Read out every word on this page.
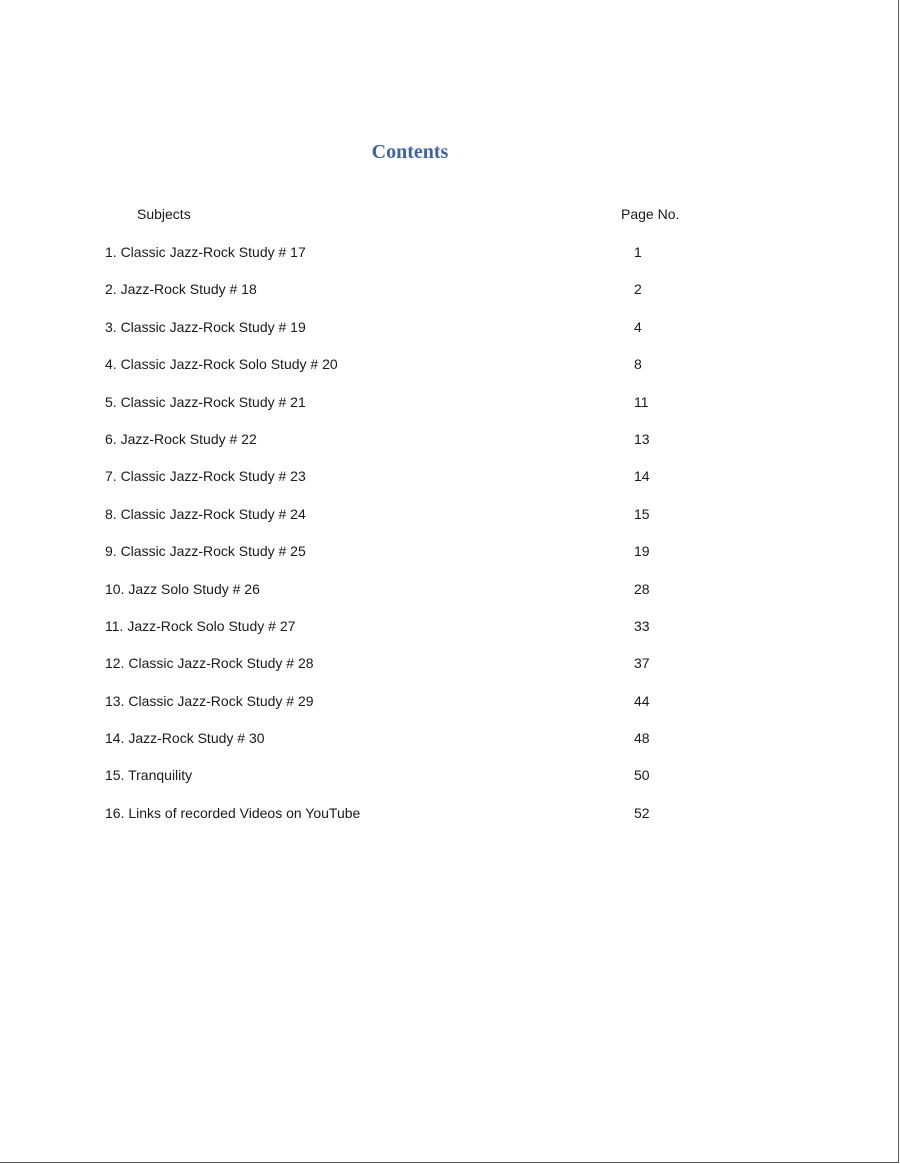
Contents
Subjects	Page No.
1. Classic Jazz-Rock Study # 17	1
2. Jazz-Rock Study # 18	2
3. Classic Jazz-Rock Study # 19	4
4. Classic Jazz-Rock Solo Study # 20	8
5. Classic Jazz-Rock Study # 21	11
6. Jazz-Rock Study # 22	13
7. Classic Jazz-Rock Study # 23	14
8. Classic Jazz-Rock Study # 24	15
9. Classic Jazz-Rock Study # 25	19
10. Jazz Solo Study # 26	28
11. Jazz-Rock Solo Study # 27	33
12. Classic Jazz-Rock Study # 28	37
13. Classic Jazz-Rock Study # 29	44
14. Jazz-Rock Study # 30	48
15. Tranquility	50
16. Links of recorded Videos on YouTube	52
